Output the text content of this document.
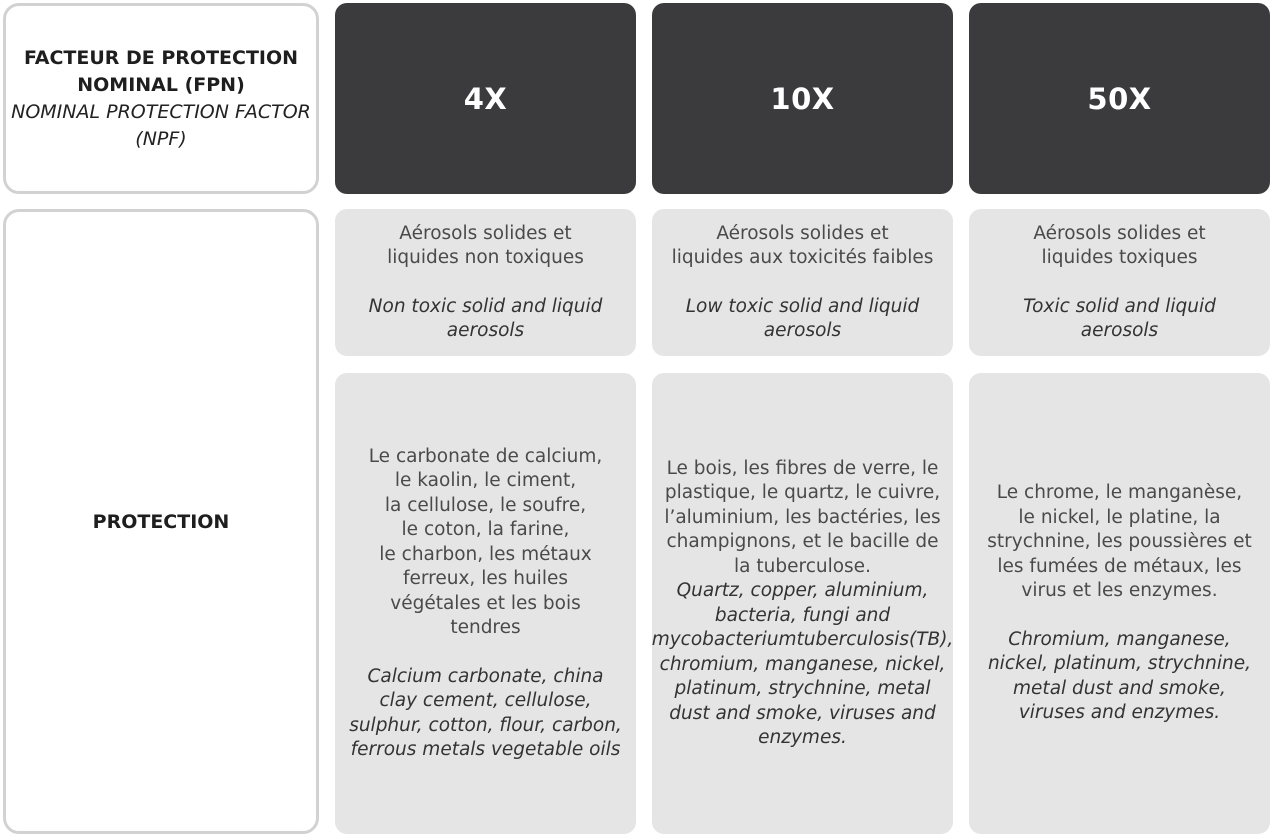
FACTEUR DE PROTECTION NOMINAL (FPN)
NOMINAL PROTECTION FACTOR (NPF)
4X	10X	50X
PROTECTION
Aérosols solides et
liquides non toxiques
Non toxic solid and liquid
aerosols
Aérosols solides et
liquides aux toxicités faibles
Low toxic solid and liquid
aerosols
Aérosols solides et
liquides toxiques
Toxic solid and liquid
aerosols
Le carbonate de calcium,
le kaolin, le ciment,
la cellulose, le soufre,
le coton, la farine,
le charbon, les métaux
ferreux, les huiles
végétales et les bois
tendres
Calcium carbonate, china
clay cement, cellulose,
sulphur, cotton, flour, carbon,
ferrous metals vegetable oils
Le bois, les fibres de verre, le
plastique, le quartz, le cuivre,
l’aluminium, les bactéries, les
champignons, et le bacille de
la tuberculose.
Quartz, copper, aluminium,
bacteria, fungi and
mycobacteriumtuberculosis(TB),
chromium, manganese, nickel,
platinum, strychnine, metal
dust and smoke, viruses and
enzymes.
Le chrome, le manganèse,
le nickel, le platine, la
strychnine, les poussières et
les fumées de métaux, les
virus et les enzymes.
Chromium, manganese,
nickel, platinum, strychnine,
metal dust and smoke,
viruses and enzymes.
